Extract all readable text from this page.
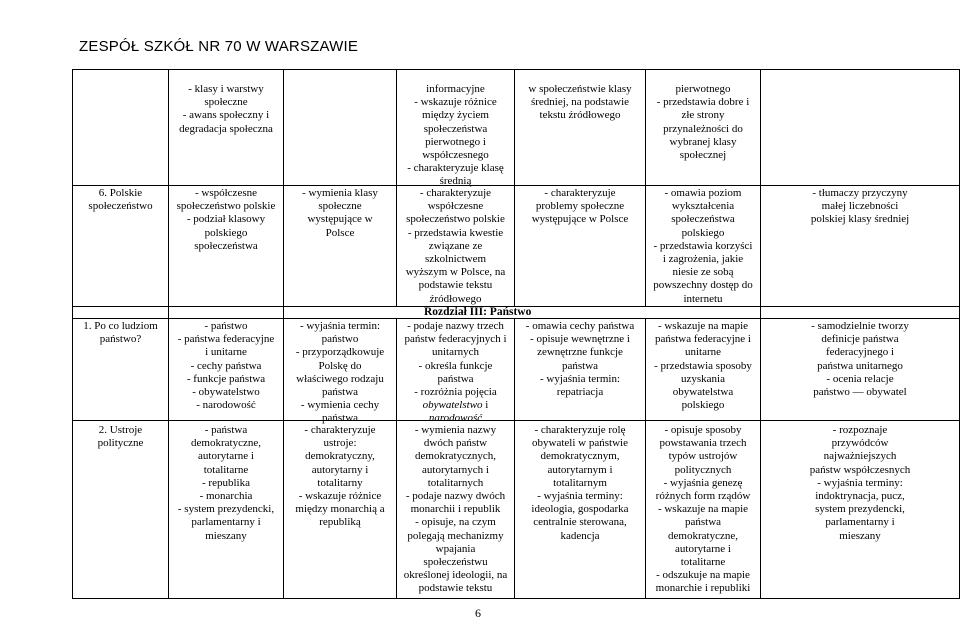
ZESPÓŁ SZKÓŁ NR 70 W WARSZAWIE
- klasy i warstwy
społeczne
- awans społeczny i
degradacja społeczna
informacyjne
- wskazuje różnice
między życiem
społeczeństwa
pierwotnego i
współczesnego
- charakteryzuje klasę
średnią
w społeczeństwie klasy
średniej, na podstawie
tekstu źródłowego
pierwotnego
- przedstawia dobre i
złe strony
przynależności do
wybranej klasy
społecznej
6. Polskie
społeczeństwo
- współczesne
społeczeństwo polskie
- podział klasowy
polskiego
społeczeństwa
- wymienia klasy
społeczne
występujące w
Polsce
- charakteryzuje
współczesne
społeczeństwo polskie
- przedstawia kwestie
związane ze
szkolnictwem
wyższym w Polsce, na
podstawie tekstu
źródłowego
- charakteryzuje
problemy społeczne
występujące w Polsce
- omawia poziom
wykształcenia
społeczeństwa
polskiego
- przedstawia korzyści
i zagrożenia, jakie
niesie ze sobą
powszechny dostęp do
internetu
- tłumaczy przyczyny
małej liczebności
polskiej klasy średniej
Rozdział III: Państwo
1. Po co ludziom
państwo?
- państwo
- państwa federacyjne
i unitarne
- cechy państwa
- funkcje państwa
- obywatelstwo
- narodowość
- wyjaśnia termin:
państwo
- przyporządkowuje
Polskę do
właściwego rodzaju
państwa
- wymienia cechy
państwa
- podaje nazwy trzech
państw federacyjnych i
unitarnych
- określa funkcje
państwa
- rozróżnia pojęcia
obywatelstwo i
narodowość
- omawia cechy państwa
- opisuje wewnętrzne i
zewnętrzne funkcje
państwa
- wyjaśnia termin:
repatriacja
- wskazuje na mapie
państwa federacyjne i
unitarne
- przedstawia sposoby
uzyskania
obywatelstwa
polskiego
- samodzielnie tworzy
definicje państwa
federacyjnego i
państwa unitarnego
- ocenia relacje
państwo — obywatel
2. Ustroje
polityczne
- państwa
demokratyczne,
autorytarne i
totalitarne
- republika
- monarchia
- system prezydencki,
parlamentarny i
mieszany
- charakteryzuje
ustroje:
demokratyczny,
autorytarny i
totalitarny
- wskazuje różnice
między monarchią a
republiką
- wymienia nazwy
dwóch państw
demokratycznych,
autorytarnych i
totalitarnych
- podaje nazwy dwóch
monarchii i republik
- opisuje, na czym
polegają mechanizmy
wpajania
społeczeństwu
określonej ideologii, na
podstawie tekstu
- charakteryzuje rolę
obywateli w państwie
demokratycznym,
autorytarnym i
totalitarnym
- wyjaśnia terminy:
ideologia, gospodarka
centralnie sterowana,
kadencja
- opisuje sposoby
powstawania trzech
typów ustrojów
politycznych
- wyjaśnia genezę
różnych form rządów
- wskazuje na mapie
państwa
demokratyczne,
autorytarne i
totalitarne
- odszukuje na mapie
monarchie i republiki
- rozpoznaje
przywódców
najważniejszych
państw współczesnych
- wyjaśnia terminy:
indoktrynacja, pucz,
system prezydencki,
parlamentarny i
mieszany
6
